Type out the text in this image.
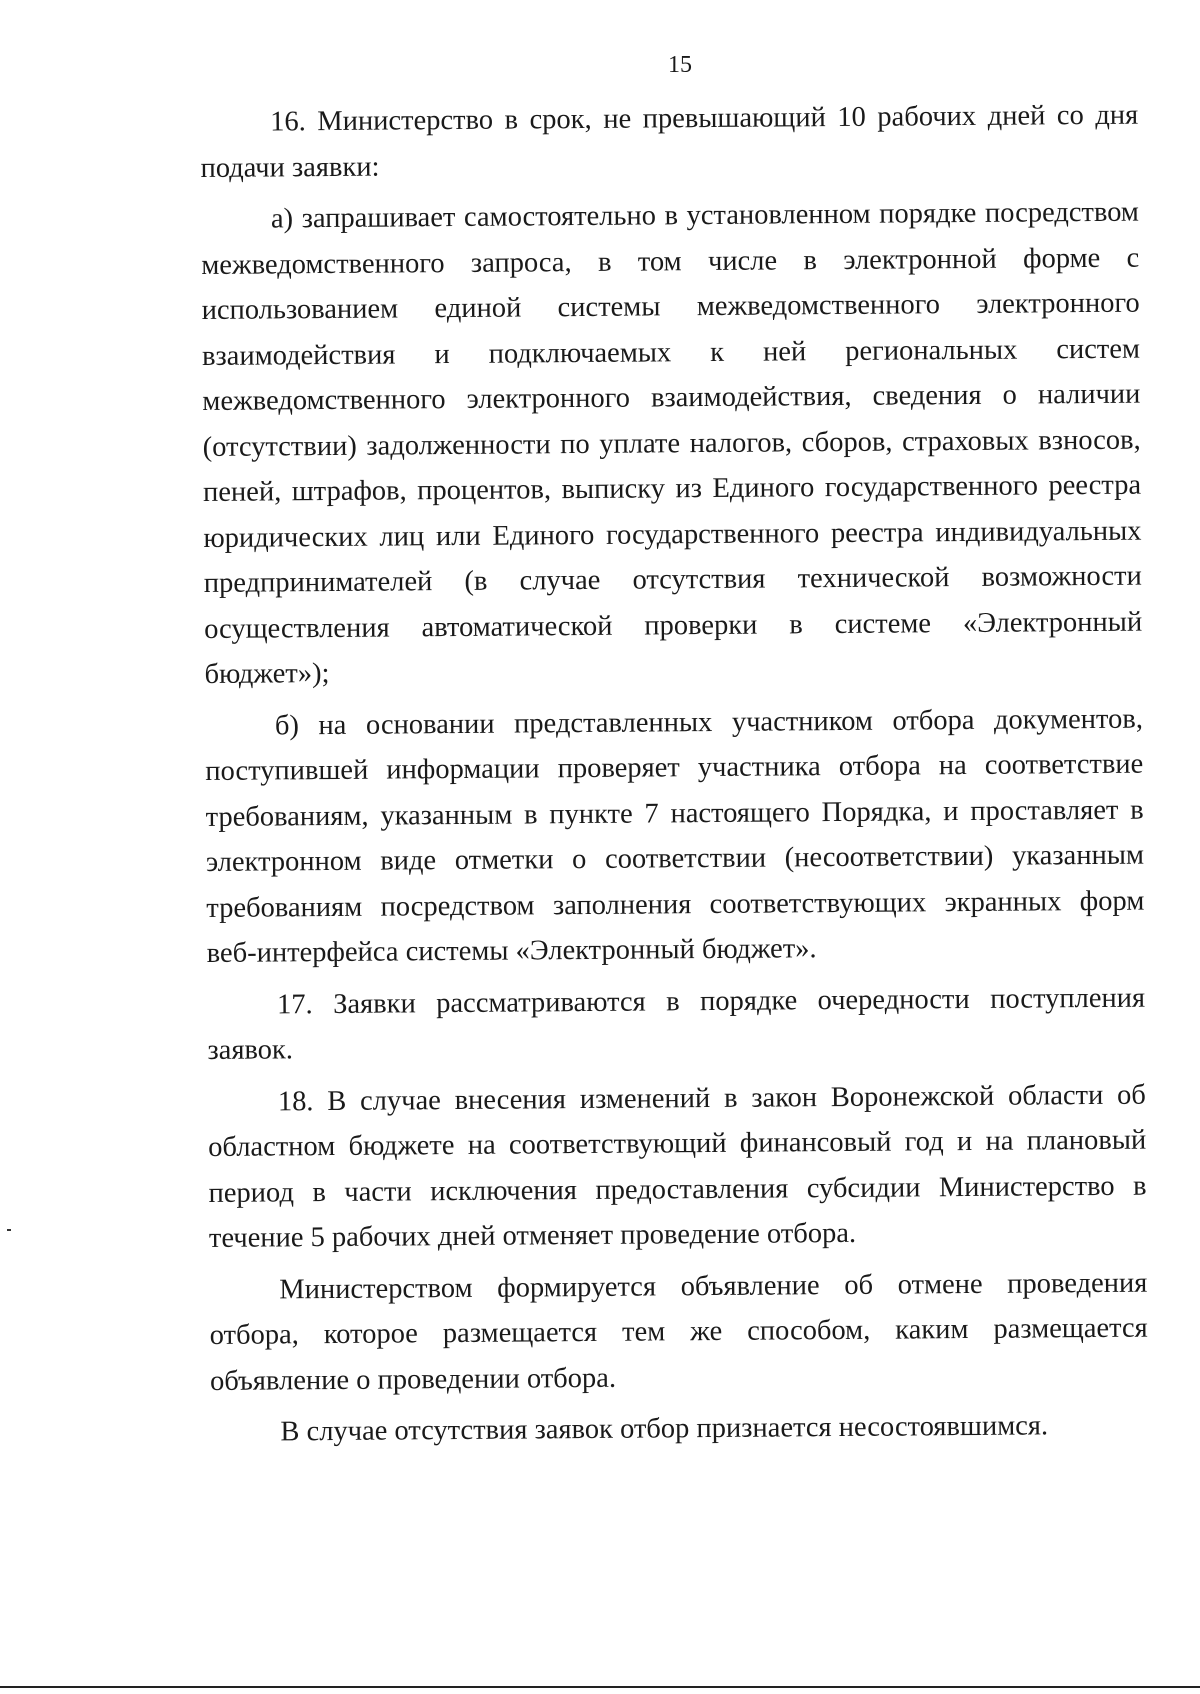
15

16. Министерство в срок, не превышающий 10 рабочих дней со дня подачи заявки:

а) запрашивает самостоятельно в установленном порядке посредством межведомственного запроса, в том числе в электронной форме с использованием единой системы межведомственного электронного взаимодействия и подключаемых к ней региональных систем межведомственного электронного взаимодействия, сведения о наличии (отсутствии) задолженности по уплате налогов, сборов, страховых взносов, пеней, штрафов, процентов, выписку из Единого государственного реестра юридических лиц или Единого государственного реестра индивидуальных предпринимателей (в случае отсутствия технической возможности осуществления автоматической проверки в системе «Электронный бюджет»);

б) на основании представленных участником отбора документов, поступившей информации проверяет участника отбора на соответствие требованиям, указанным в пункте 7 настоящего Порядка, и проставляет в электронном виде отметки о соответствии (несоответствии) указанным требованиям посредством заполнения соответствующих экранных форм веб-интерфейса системы «Электронный бюджет».

17. Заявки рассматриваются в порядке очередности поступления заявок.

18. В случае внесения изменений в закон Воронежской области об областном бюджете на соответствующий финансовый год и на плановый период в части исключения предоставления субсидии Министерство в течение 5 рабочих дней отменяет проведение отбора.

Министерством формируется объявление об отмене проведения отбора, которое размещается тем же способом, каким размещается объявление о проведении отбора.

В случае отсутствия заявок отбор признается несостоявшимся.
